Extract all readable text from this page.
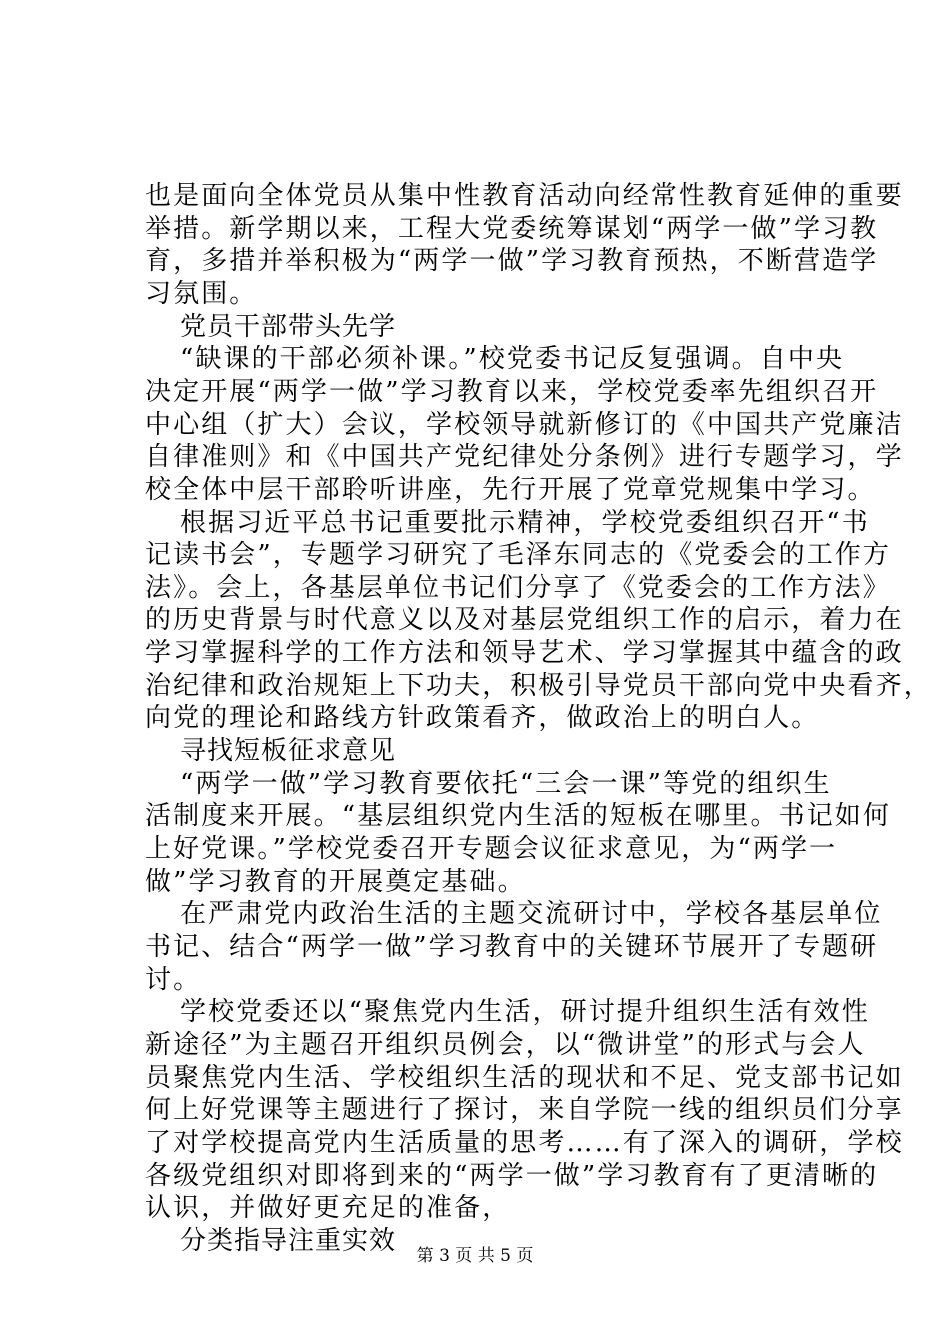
也是面向全体党员从集中性教育活动向经常性教育延伸的重要
举措。新学期以来，工程大党委统筹谋划“两学一做”学习教
育，多措并举积极为“两学一做”学习教育预热，不断营造学
习氛围。
党员干部带头先学
“缺课的干部必须补课。”校党委书记反复强调。自中央
决定开展“两学一做”学习教育以来，学校党委率先组织召开
中心组（扩大）会议，学校领导就新修订的《中国共产党廉洁
自律准则》和《中国共产党纪律处分条例》进行专题学习，学
校全体中层干部聆听讲座，先行开展了党章党规集中学习。
根据习近平总书记重要批示精神，学校党委组织召开“书
记读书会”，专题学习研究了毛泽东同志的《党委会的工作方
法》。会上，各基层单位书记们分享了《党委会的工作方法》
的历史背景与时代意义以及对基层党组织工作的启示，着力在
学习掌握科学的工作方法和领导艺术、学习掌握其中蕴含的政
治纪律和政治规矩上下功夫，积极引导党员干部向党中央看齐，
向党的理论和路线方针政策看齐，做政治上的明白人。
寻找短板征求意见
“两学一做”学习教育要依托“三会一课”等党的组织生
活制度来开展。“基层组织党内生活的短板在哪里。书记如何
上好党课。”学校党委召开专题会议征求意见，为“两学一
做”学习教育的开展奠定基础。
在严肃党内政治生活的主题交流研讨中，学校各基层单位
书记、结合“两学一做”学习教育中的关键环节展开了专题研
讨。
学校党委还以“聚焦党内生活，研讨提升组织生活有效性
新途径”为主题召开组织员例会，以“微讲堂”的形式与会人
员聚焦党内生活、学校组织生活的现状和不足、党支部书记如
何上好党课等主题进行了探讨，来自学院一线的组织员们分享
了对学校提高党内生活质量的思考……有了深入的调研，学校
各级党组织对即将到来的“两学一做”学习教育有了更清晰的
认识，并做好更充足的准备，
分类指导注重实效
第 3 页 共 5 页
